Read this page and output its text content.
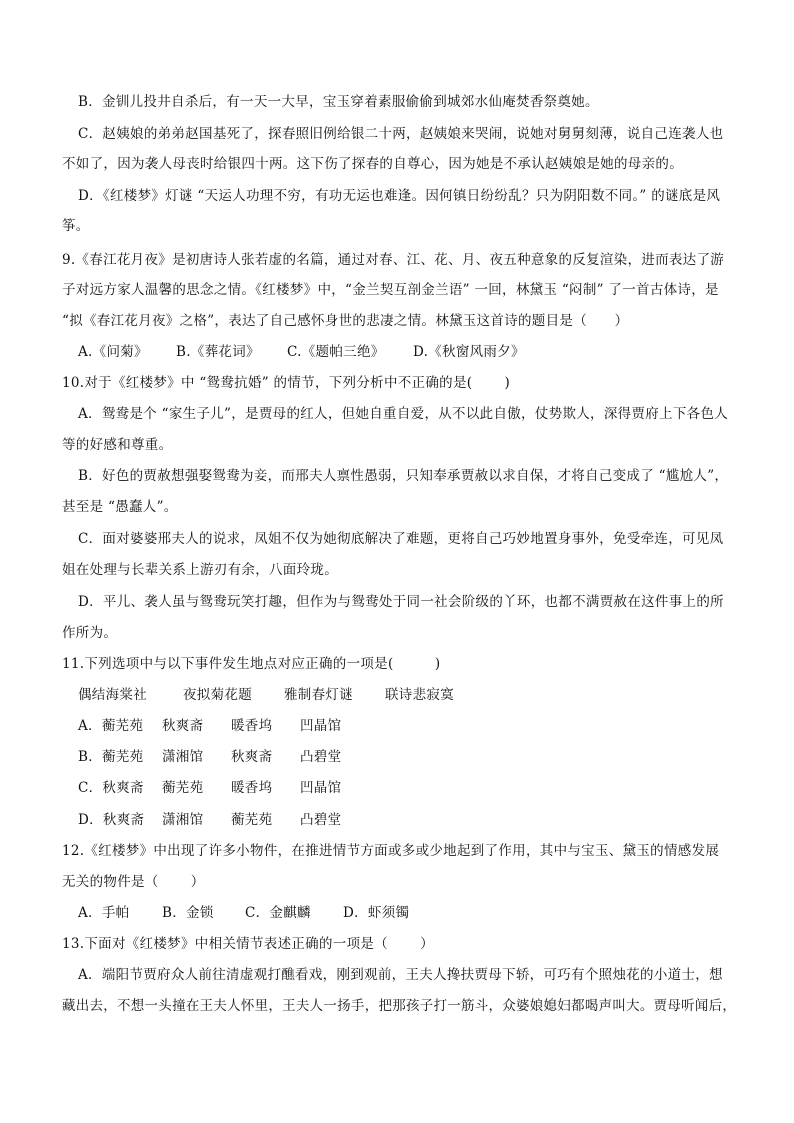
B．金钏儿投井自杀后，有一天一大早，宝玉穿着素服偷偷到城郊水仙庵焚香祭奠她。
C．赵姨娘的弟弟赵国基死了，探春照旧例给银二十两，赵姨娘来哭闹，说她对舅舅刻薄，说自己连袭人也
不如了，因为袭人母丧时给银四十两。这下伤了探春的自尊心，因为她是不承认赵姨娘是她的母亲的。
D．《红楼梦》灯谜 “天运人功理不穷，有功无运也难逢。因何镇日纷纷乱？只为阴阳数不同。” 的谜底是风
筝。
9.《春江花月夜》是初唐诗人张若虚的名篇，通过对春、江、花、月、夜五种意象的反复渲染，进而表达了游
子对远方家人温馨的思念之情。《红楼梦》中，“金兰契互剖金兰语” 一回，林黛玉 “闷制” 了一首古体诗，是
“拟《春江花月夜》之格”，表达了自己感怀身世的悲凄之情。林黛玉这首诗的题目是（　　）
A.《问菊》 B.《葬花词》 C.《题帕三绝》 D.《秋窗风雨夕》
10.对于《红楼梦》中 “鸳鸯抗婚” 的情节，下列分析中不正确的是(　　 )
A．鸳鸯是个 “家生子儿”，是贾母的红人，但她自重自爱，从不以此自傲，仗势欺人，深得贾府上下各色人
等的好感和尊重。
B．好色的贾赦想强娶鸳鸯为妾，而邢夫人禀性愚弱，只知奉承贾赦以求自保，才将自己变成了 “尴尬人”，
甚至是 “愚蠢人”。
C．面对婆婆邢夫人的说求，凤姐不仅为她彻底解决了难题，更将自己巧妙地置身事外，免受牵连，可见凤
姐在处理与长辈关系上游刃有余，八面玲珑。
D．平儿、袭人虽与鸳鸯玩笑打趣，但作为与鸳鸯处于同一社会阶级的丫环，也都不满贾赦在这件事上的所
作所为。
11.下列选项中与以下事件发生地点对应正确的一项是(　　　)
偶结海棠社	夜拟菊花题 雅制春灯谜 联诗悲寂寞
A．蘅芜苑 秋爽斋 暖香坞 凹晶馆
B．蘅芜苑 潇湘馆 秋爽斋 凸碧堂
C．秋爽斋 蘅芜苑 暖香坞 凹晶馆
D．秋爽斋 潇湘馆 蘅芜苑 凸碧堂
12.《红楼梦》中出现了许多小物件，在推进情节方面或多或少地起到了作用，其中与宝玉、黛玉的情感发展
无关的物件是（　　 ）
A．手帕 B．金锁 C．金麒麟 D．虾须镯
13.下面对《红楼梦》中相关情节表述正确的一项是（　　 ）
A．端阳节贾府众人前往清虚观打醮看戏，刚到观前，王夫人搀扶贾母下轿，可巧有个照烛花的小道士，想
藏出去，不想一头撞在王夫人怀里，王夫人一扬手，把那孩子打一筋斗，众婆娘媳妇都喝声叫大。贾母听闻后，
